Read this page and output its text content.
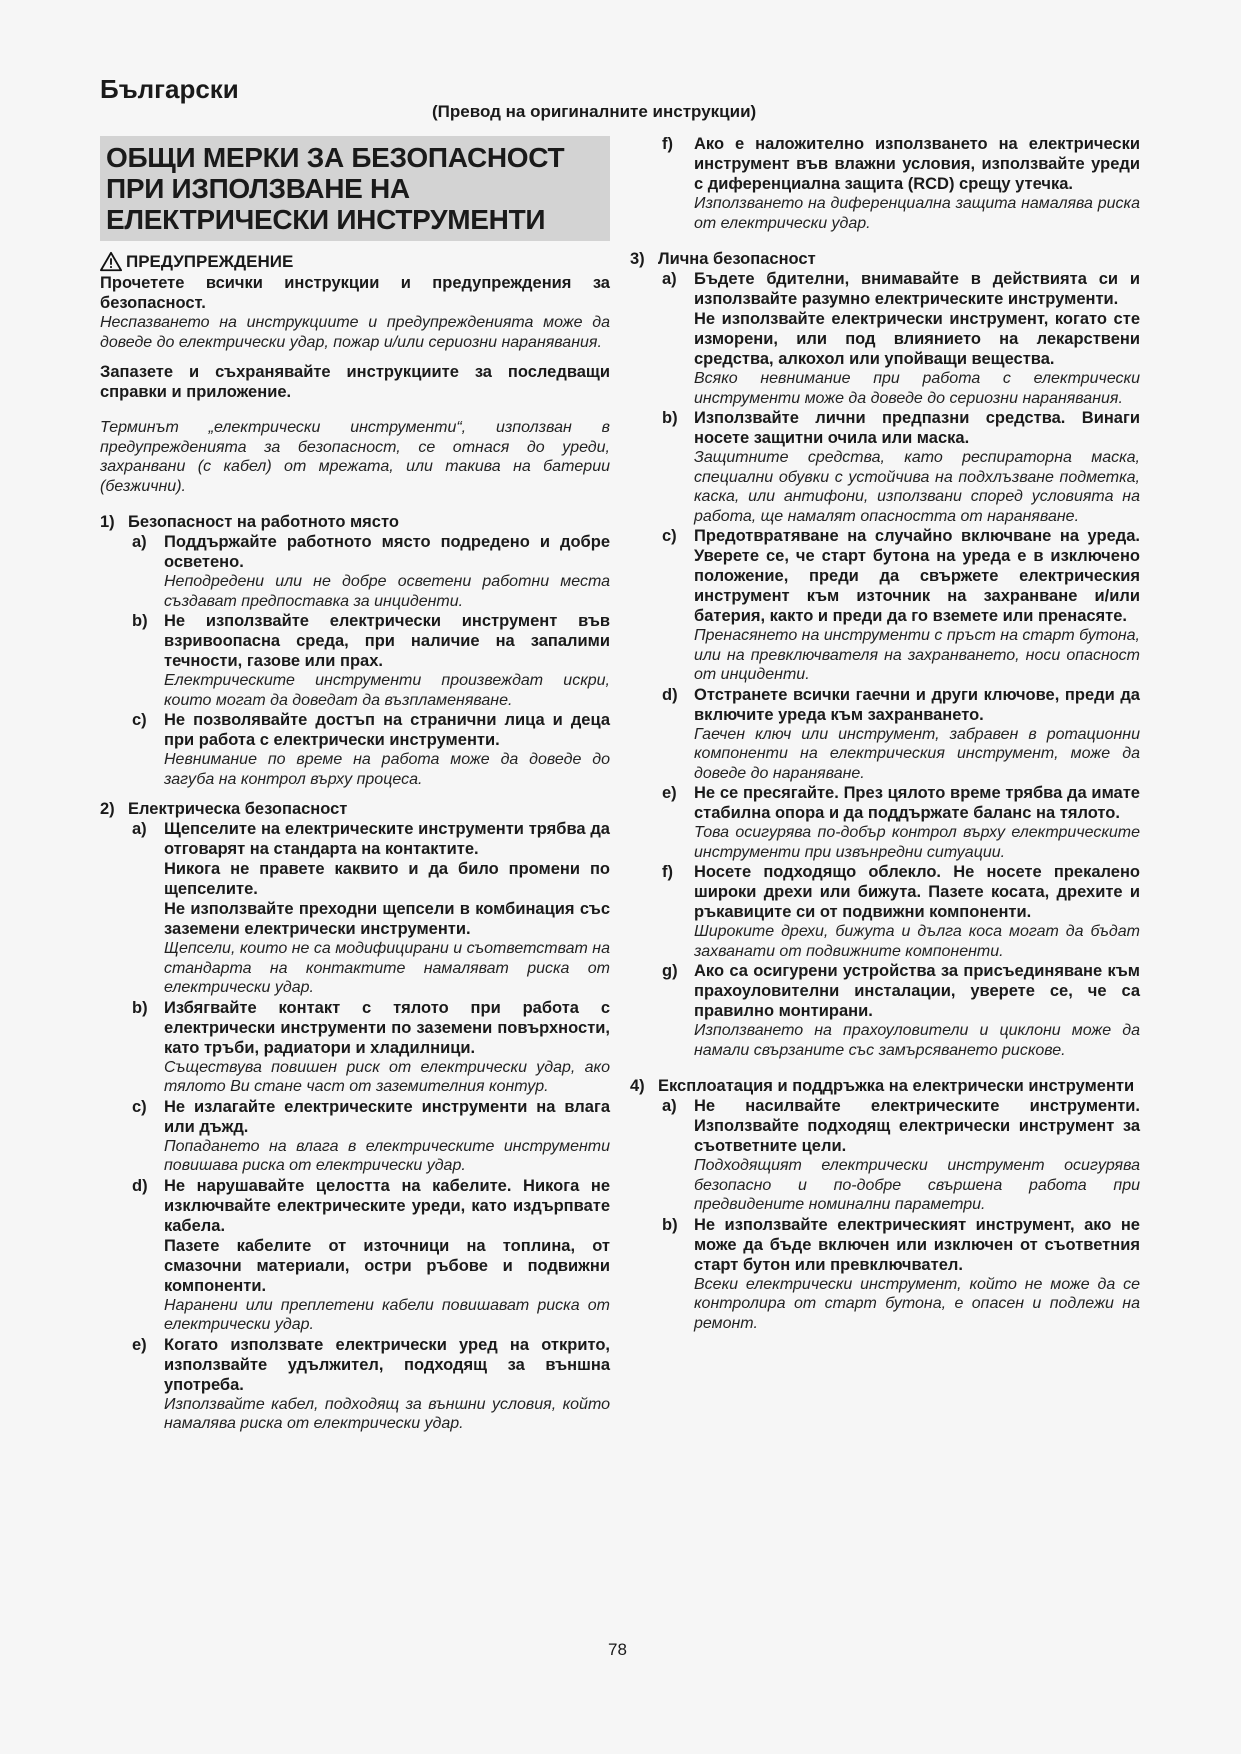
Български
(Превод на оригиналните инструкции)
ОБЩИ МЕРКИ ЗА БЕЗОПАСНОСТ ПРИ ИЗПОЛЗВАНЕ НА ЕЛЕКТРИЧЕСКИ ИНСТРУМЕНТИ
ПРЕДУПРЕЖДЕНИЕ
Прочетете всички инструкции и предупреждения за безопасност.
Неспазването на инструкциите и предупрежденията може да доведе до електрически удар, пожар и/или сериозни наранявания.
Запазете и съхранявайте инструкциите за последващи справки и приложение.
Терминът „електрически инструменти“, използван в предупрежденията за безопасност, се отнася до уреди, захранвани (с кабел) от мрежата, или такива на батерии (безжични).
1) Безопасност на работното място
a)	Поддържайте работното място подредено и добре осветено.
Неподредени или не добре осветени работни места създават предпоставка за инциденти.
b) Не използвайте електрически инструмент във взривоопасна среда, при наличие на запалими течности, газове или прах.
Електрическите инструменти произвеждат искри, които могат да доведат да възпламеняване.
c)	Не позволявайте достъп на странични лица и деца при работа с електрически инструменти.
Невнимание по време на работа може да доведе до загуба на контрол върху процеса.
2) Електрическа безопасност
a)	Щепселите на електрическите инструменти трябва да отговарят на стандарта на контактите.
Никога не правете каквито и да било промени по щепселите.
Не използвайте преходни щепсели в комбинация със заземени електрически инструменти.
Щепсели, които не са модифицирани и съответстват на стандарта на контактите намаляват риска от електрически удар.
b) Избягвайте контакт с тялото при работа с електрически инструменти по заземени повърхности, като тръби, радиатори и хладилници.
Съществува повишен риск от електрически удар, ако тялото Ви стане част от заземителния контур.
c)	Не излагайте електрическите инструменти на влага или дъжд.
Попадането на влага в електрическите инструменти повишава риска от електрически удар.
d) Не нарушавайте целостта на кабелите. Никога не изключвайте електрическите уреди, като издърпвате кабела.
Пазете кабелите от източници на топлина, от смазочни материали, остри ръбове и подвижни компоненти.
Наранени или преплетени кабели повишават риска от електрически удар.
e)	Когато използвате електрически уред на открито, използвайте удължител, подходящ за външна употреба.
Използвайте кабел, подходящ за външни условия, който намалява риска от електрически удар.
f)	Ако е наложително използването на електрически инструмент във влажни условия, използвайте уреди с диференциална защита (RCD) срещу утечка.
Използването на диференциална защита намалява риска от електрически удар.
3) Лична безопасност
a)	Бъдете бдителни, внимавайте в действията си и използвайте разумно електрическите инструменти.
Не използвайте електрически инструмент, когато сте изморени, или под влиянието на лекарствени средства, алкохол или упойващи вещества.
Всяко невнимание при работа с електрически инструменти може да доведе до сериозни наранявания.
b) Използвайте лични предпазни средства. Винаги носете защитни очила или маска.
Защитните средства, като респираторна маска, специални обувки с устойчива на подхлъзване подметка, каска, или антифони, използвани според условията на работа, ще намалят опасността от нараняване.
c)	Предотвратяване на случайно включване на уреда. Уверете се, че старт бутона на уреда е в изключено положение, преди да свържете електрическия инструмент към източник на захранване и/или батерия, както и преди да го вземете или пренасяте.
Пренасянето на инструменти с пръст на старт бутона, или на превключвателя на захранването, носи опасност от инциденти.
d) Отстранете всички гаечни и други ключове, преди да включите уреда към захранването.
Гаечен ключ или инструмент, забравен в ротационни компоненти на електрическия инструмент, може да доведе до нараняване.
e)	Не се пресягайте. През цялото време трябва да имате стабилна опора и да поддържате баланс на тялото.
Това осигурява по-добър контрол върху електрическите инструменти при извънредни ситуации.
f)	Носете подходящо облекло. Не носете прекалено широки дрехи или бижута. Пазете косата, дрехите и ръкавиците си от подвижни компоненти.
Широките дрехи, бижута и дълга коса могат да бъдат захванати от подвижните компоненти.
g) Ако са осигурени устройства за присъединяване към прахоуловителни инсталации, уверете се, че са правилно монтирани.
Използването на прахоуловители и циклони може да намали свързаните със замърсяването рискове.
4) Експлоатация и поддръжка на електрически инструменти
a)	Не насилвайте електрическите инструменти. Използвайте подходящ електрически инструмент за съответните цели.
Подходящият електрически инструмент осигурява безопасно и по-добре свършена работа при предвидените номинални параметри.
b) Не използвайте електрическият инструмент, ако не може да бъде включен или изключен от съответния старт бутон или превключвател.
Всеки електрически инструмент, който не може да се контролира от старт бутона, е опасен и подлежи на ремонт.
78
